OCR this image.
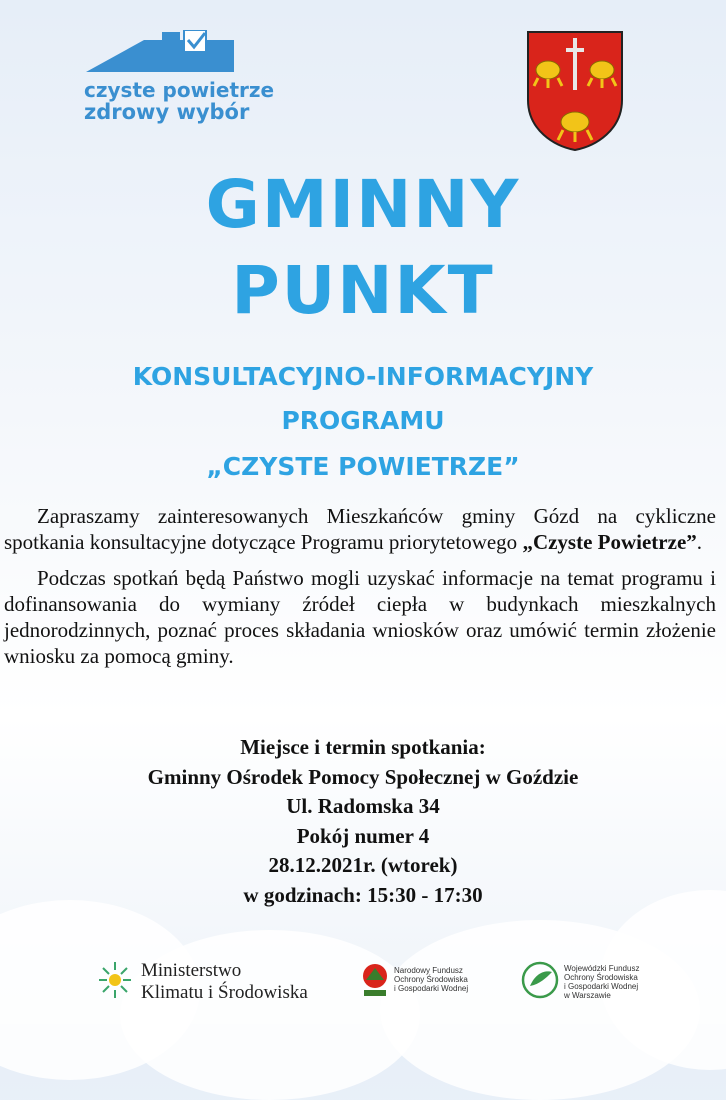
czyste powietrze
zdrowy wybór
GMINNY
PUNKT
KONSULTACYJNO-INFORMACYJNY
PROGRAMU
„CZYSTE POWIETRZE”

Zapraszamy zainteresowanych Mieszkańców gminy Gózd na cykliczne spotkania konsultacyjne dotyczące Programu priorytetowego „Czyste Powietrze”.

Podczas spotkań będą Państwo mogli uzyskać informacje na temat programu i dofinansowania do wymiany źródeł ciepła w budynkach mieszkalnych jednorodzinnych, poznać proces składania wniosków oraz umówić termin złożenie wniosku za pomocą gminy.

Miejsce i termin spotkania:
Gminny Ośrodek Pomocy Społecznej w Goździe
Ul. Radomska 34
Pokój numer 4
28.12.2021r. (wtorek)
w godzinach: 15:30 - 17:30
Ministerstwo
Klimatu i Środowiska
Narodowy Fundusz
Ochrony Środowiska
i Gospodarki Wodnej
Wojewódzki Fundusz
Ochrony Środowiska
i Gospodarki Wodnej
w Warszawie
